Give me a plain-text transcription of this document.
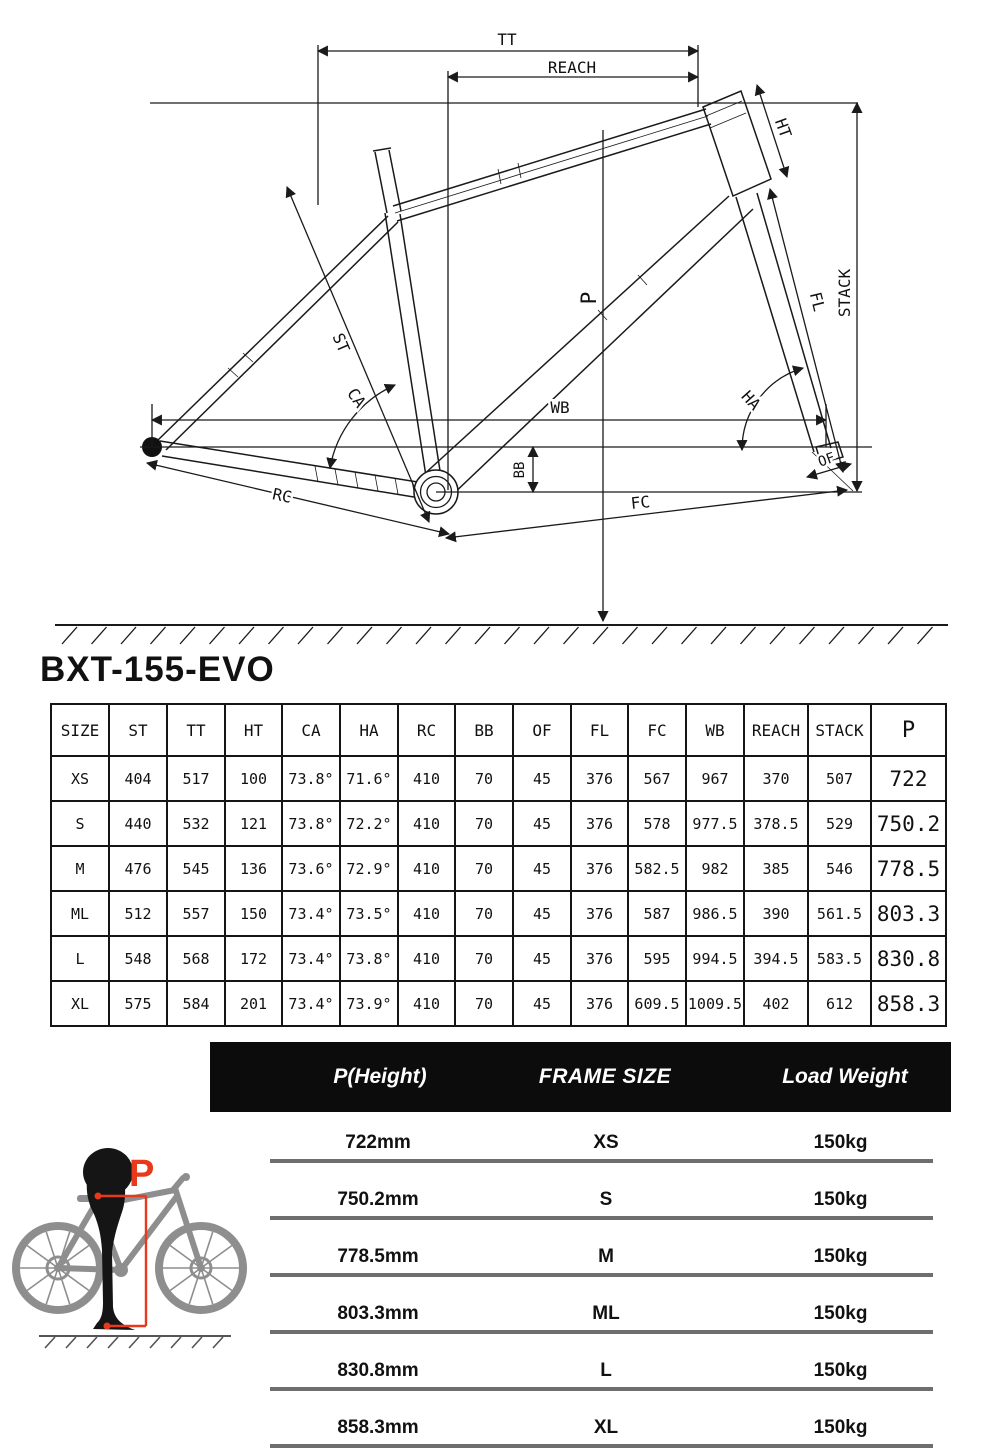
TT
REACH
HT
ST
CA
P	FL STACK
HA
WB
BB	OF
RC	FC
BXT-155-EVO
SIZE	ST	TT	HT	CA	HA	RC	BB	OF	FL	FC	WB	REACH	STACK	P
XS	404	517	100	73.8°	71.6°	410	70	45	376	567	967	370	507	722
S	440	532	121	73.8°	72.2°	410	70	45	376	578	977.5	378.5	529	750.2
M	476	545	136	73.6°	72.9°	410	70	45	376	582.5	982	385	546	778.5
ML	512	557	150	73.4°	73.5°	410	70	45	376	587	986.5	390	561.5	803.3
L	548	568	172	73.4°	73.8°	410	70	45	376	595	994.5	394.5	583.5	830.8
XL	575	584	201	73.4°	73.9°	410	70	45	376	609.5	1009.5	402	612	858.3
P(Height)	FRAME SIZE	Load Weight
722mm	XS	150kg
750.2mm	S	150kg
778.5mm	M	150kg
803.3mm	ML	150kg
830.8mm	L	150kg
858.3mm	XL	150kg
P
